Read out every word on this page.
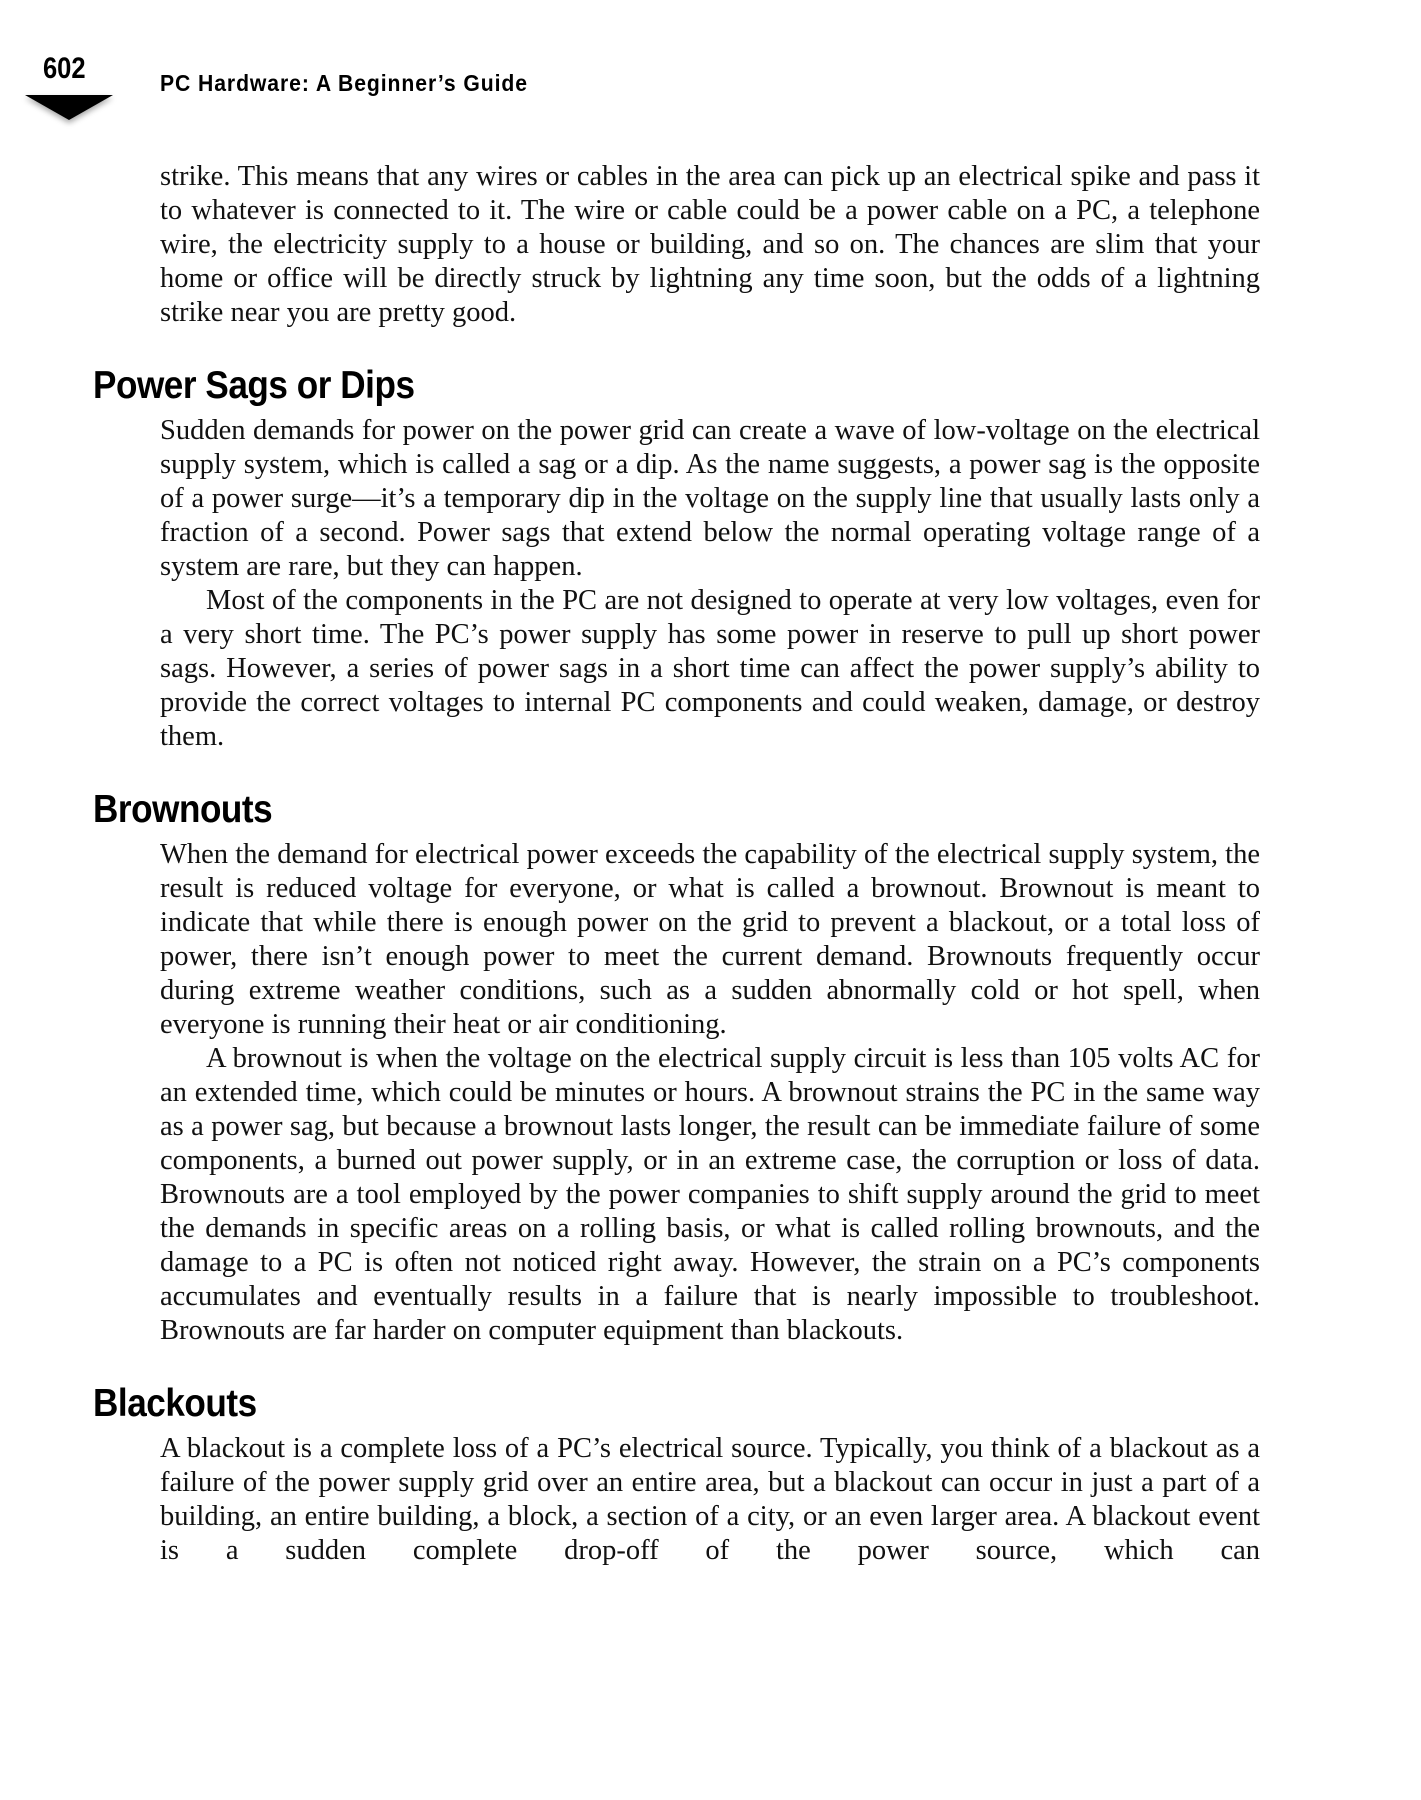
602	PC Hardware: A Beginner’s Guide

strike. This means that any wires or cables in the area can pick up an electrical spike and pass it to whatever is connected to it. The wire or cable could be a power cable on a PC, a telephone wire, the electricity supply to a house or building, and so on. The chances are slim that your home or office will be directly struck by lightning any time soon, but the odds of a lightning strike near you are pretty good.

Power Sags or Dips

Sudden demands for power on the power grid can create a wave of low-voltage on the electrical supply system, which is called a sag or a dip. As the name suggests, a power sag is the opposite of a power surge—it’s a temporary dip in the voltage on the supply line that usually lasts only a fraction of a second. Power sags that extend below the normal operating voltage range of a system are rare, but they can happen.

Most of the components in the PC are not designed to operate at very low voltages, even for a very short time. The PC’s power supply has some power in reserve to pull up short power sags. However, a series of power sags in a short time can affect the power supply’s ability to provide the correct voltages to internal PC components and could weaken, damage, or destroy them.

Brownouts

When the demand for electrical power exceeds the capability of the electrical supply system, the result is reduced voltage for everyone, or what is called a brownout. Brownout is meant to indicate that while there is enough power on the grid to prevent a blackout, or a total loss of power, there isn’t enough power to meet the current demand. Brownouts frequently occur during extreme weather conditions, such as a sudden abnormally cold or hot spell, when everyone is running their heat or air conditioning.

A brownout is when the voltage on the electrical supply circuit is less than 105 volts AC for an extended time, which could be minutes or hours. A brownout strains the PC in the same way as a power sag, but because a brownout lasts longer, the result can be immediate failure of some components, a burned out power supply, or in an extreme case, the corruption or loss of data. Brownouts are a tool employed by the power companies to shift supply around the grid to meet the demands in specific areas on a rolling basis, or what is called rolling brownouts, and the damage to a PC is often not noticed right away. However, the strain on a PC’s components accumulates and eventually results in a failure that is nearly impossible to troubleshoot. Brownouts are far harder on computer equipment than blackouts.

Blackouts

A blackout is a complete loss of a PC’s electrical source. Typically, you think of a blackout as a failure of the power supply grid over an entire area, but a blackout can occur in just a part of a building, an entire building, a block, a section of a city, or an even larger area. A blackout event is a sudden complete drop-off of the power source, which can
